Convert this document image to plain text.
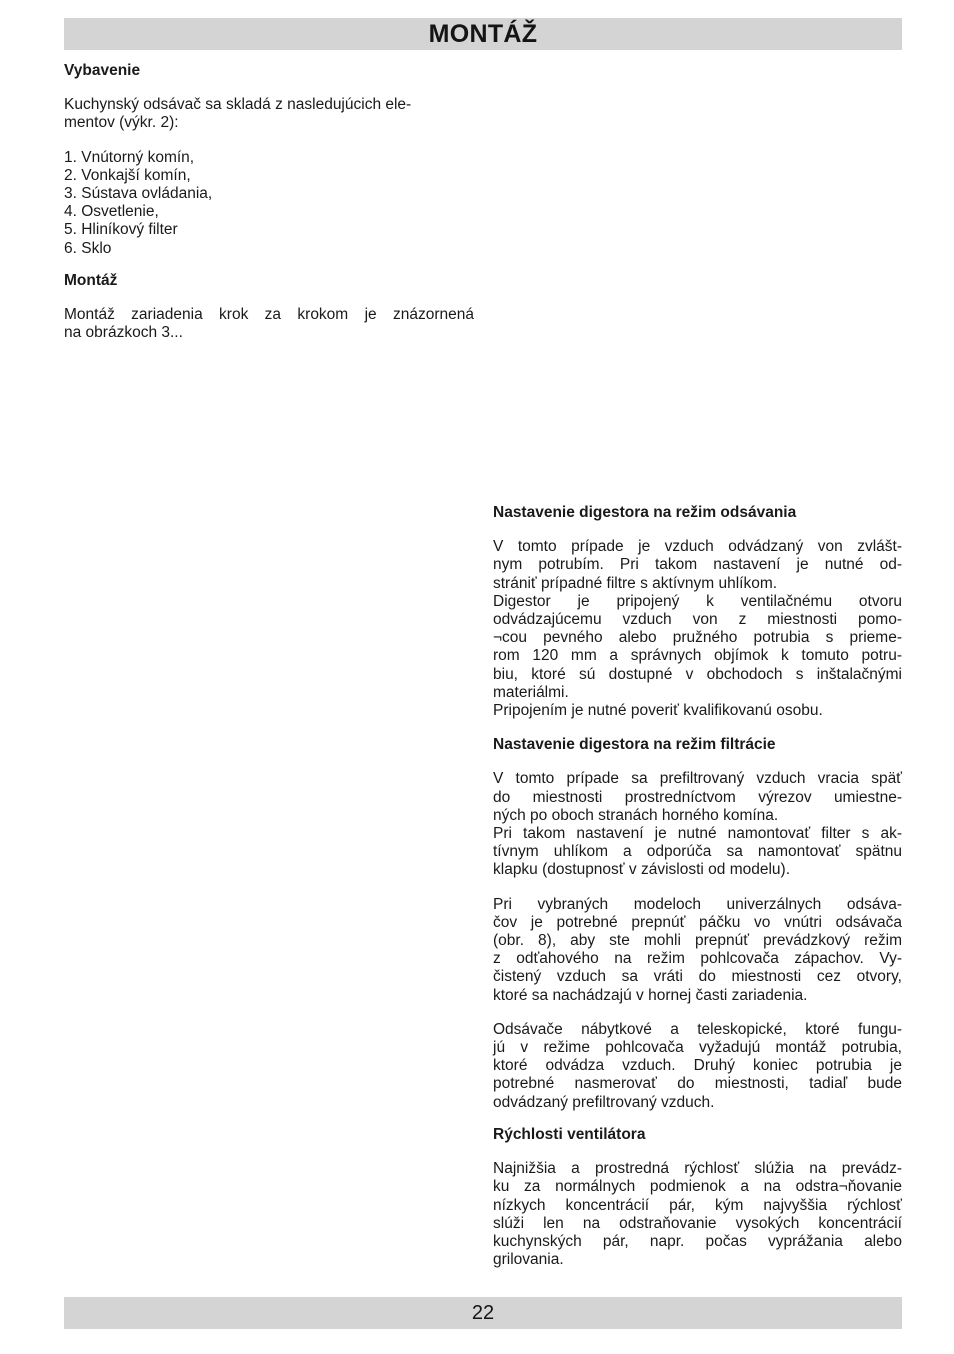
MONTÁŽ
Vybavenie

Kuchynský odsávač sa skladá z nasledujúcich ele-
mentov (výkr. 2):

1. Vnútorný komín,
2. Vonkajší komín,
3. Sústava ovládania,
4. Osvetlenie,
5. Hliníkový filter
6. Sklo
Montáž

Montáž zariadenia krok za krokom je znázornená
na obrázkoch 3...

Nastavenie digestora na režim odsávania
V tomto prípade je vzduch odvádzaný von zvlášt-
nym potrubím. Pri takom nastavení je nutné od-
strániť prípadné filtre s aktívnym uhlíkom.
Digestor je pripojený k ventilačnému otvoru
odvádzajúcemu vzduch von z miestnosti pomo-
¬cou pevného alebo pružného potrubia s prieme-
rom 120 mm a správnych objímok k tomuto potru-
biu, ktoré sú dostupné v obchodoch s inštalačnými
materiálmi.
Pripojením je nutné poveriť kvalifikovanú osobu.
Nastavenie digestora na režim filtrácie
V tomto prípade sa prefiltrovaný vzduch vracia späť
do miestnosti prostredníctvom výrezov umiestne-
ných po oboch stranách horného komína.
Pri takom nastavení je nutné namontovať filter s ak-
tívnym uhlíkom a odporúča sa namontovať spätnu
klapku (dostupnosť v závislosti od modelu).
Pri vybraných modeloch univerzálnych odsáva-
čov je potrebné prepnúť páčku vo vnútri odsávača
(obr. 8), aby ste mohli prepnúť prevádzkový režim
z odťahového na režim pohlcovača zápachov. Vy-
čistený vzduch sa vráti do miestnosti cez otvory,
ktoré sa nachádzajú v hornej časti zariadenia.
Odsávače nábytkové a teleskopické, ktoré fungu-
jú v režime pohlcovača vyžadujú montáž potrubia,
ktoré odvádza vzduch. Druhý koniec potrubia je
potrebné nasmerovať do miestnosti, tadiaľ bude
odvádzaný prefiltrovaný vzduch.
Rýchlosti ventilátora
Najnižšia a prostredná rýchlosť slúžia na prevádz-
ku za normálnych podmienok a na odstra¬ňovanie
nízkych koncentrácií pár, kým najvyššia rýchlosť
slúži len na odstraňovanie vysokých koncentrácií
kuchynských pár, napr. počas vyprážania alebo
grilovania.
22
